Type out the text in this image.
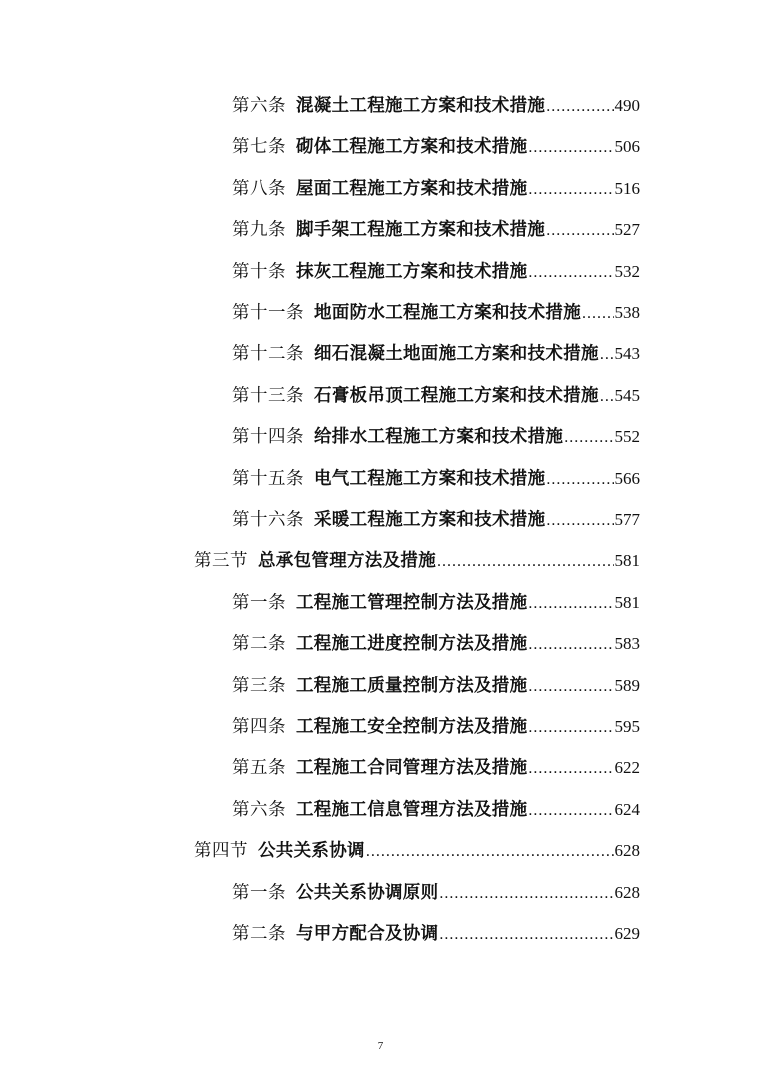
第六条 混凝土工程施工方案和技术措施 .....	490
第七条 砌体工程施工方案和技术措施 .....	506
第八条 屋面工程施工方案和技术措施 .....	516
第九条 脚手架工程施工方案和技术措施 .....	527
第十条 抹灰工程施工方案和技术措施 .....	532
第十一条 地面防水工程施工方案和技术措施 ..... 538
第十二条 细石混凝土地面施工方案和技术措施 ..... 543
第十三条 石膏板吊顶工程施工方案和技术措施 ..... 545
第十四条 给排水工程施工方案和技术措施 .....	552
第十五条 电气工程施工方案和技术措施 .....	566
第十六条 采暖工程施工方案和技术措施 .....	577
第三节 总承包管理方法及措施 .....	581
第一条 工程施工管理控制方法及措施 .....	581
第二条 工程施工进度控制方法及措施 .....	583
第三条 工程施工质量控制方法及措施 .....	589
第四条 工程施工安全控制方法及措施 .....	595
第五条 工程施工合同管理方法及措施 .....	622
第六条 工程施工信息管理方法及措施 .....	624
第四节 公共关系协调 .....	628
第一条 公共关系协调原则 .....	628
第二条 与甲方配合及协调 .....	629
7
